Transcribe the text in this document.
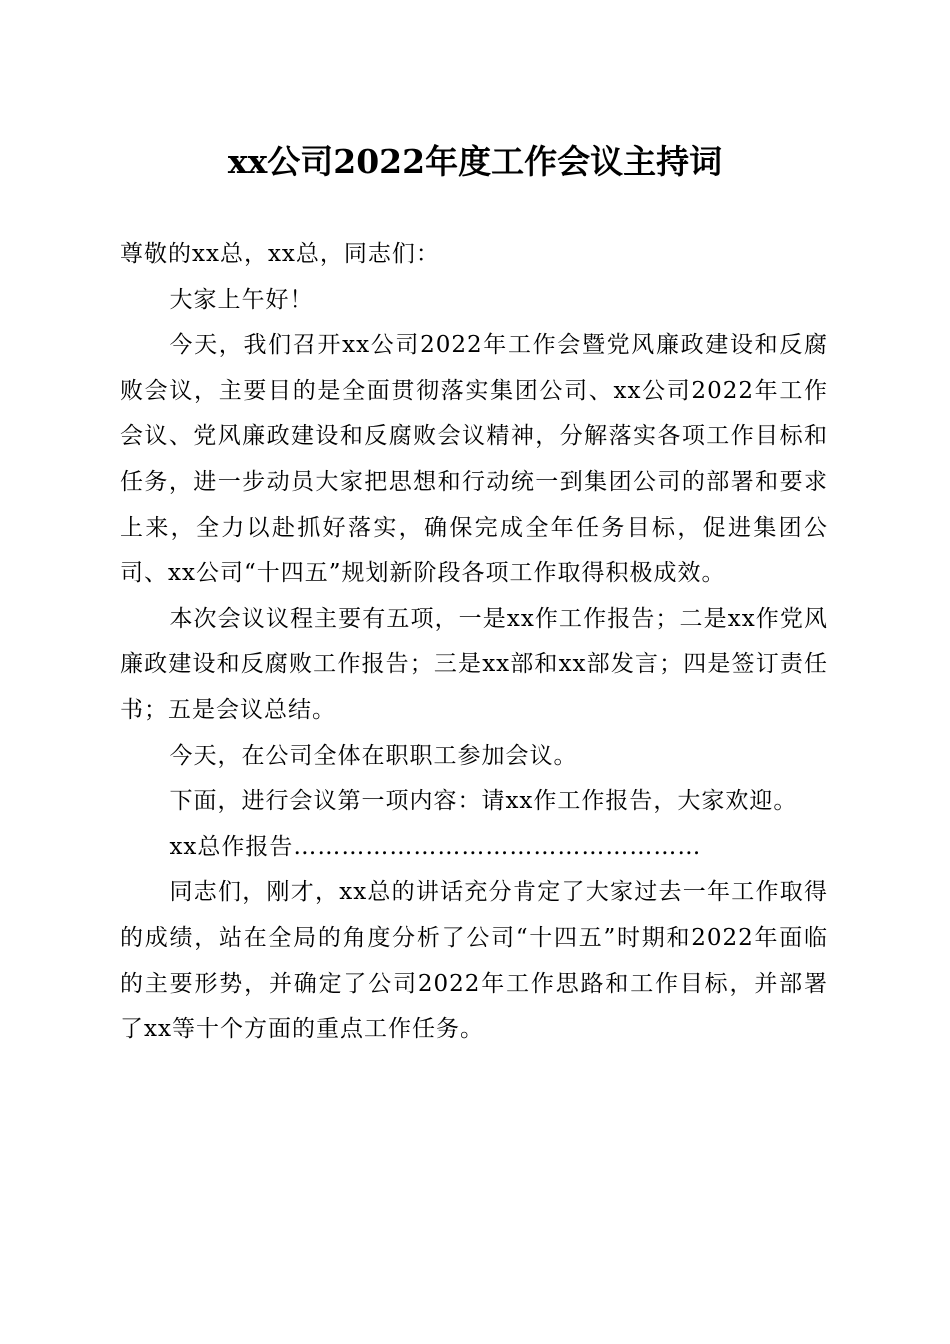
xx公司2022年度工作会议主持词

尊敬的xx总，xx总，同志们：

大家上午好！

今天，我们召开xx公司2022年工作会暨党风廉政建设和反腐败会议，主要目的是全面贯彻落实集团公司、xx公司2022年工作会议、党风廉政建设和反腐败会议精神，分解落实各项工作目标和任务，进一步动员大家把思想和行动统一到集团公司的部署和要求上来，全力以赴抓好落实，确保完成全年任务目标，促进集团公司、xx公司“十四五”规划新阶段各项工作取得积极成效。

本次会议议程主要有五项，一是xx作工作报告；二是xx作党风廉政建设和反腐败工作报告；三是xx部和xx部发言；四是签订责任书；五是会议总结。

今天，在公司全体在职职工参加会议。

下面，进行会议第一项内容：请xx作工作报告，大家欢迎。

xx总作报告……………………………………………

同志们，刚才，xx总的讲话充分肯定了大家过去一年工作取得的成绩，站在全局的角度分析了公司“十四五”时期和2022年面临的主要形势，并确定了公司2022年工作思路和工作目标，并部署了xx等十个方面的重点工作任务。
